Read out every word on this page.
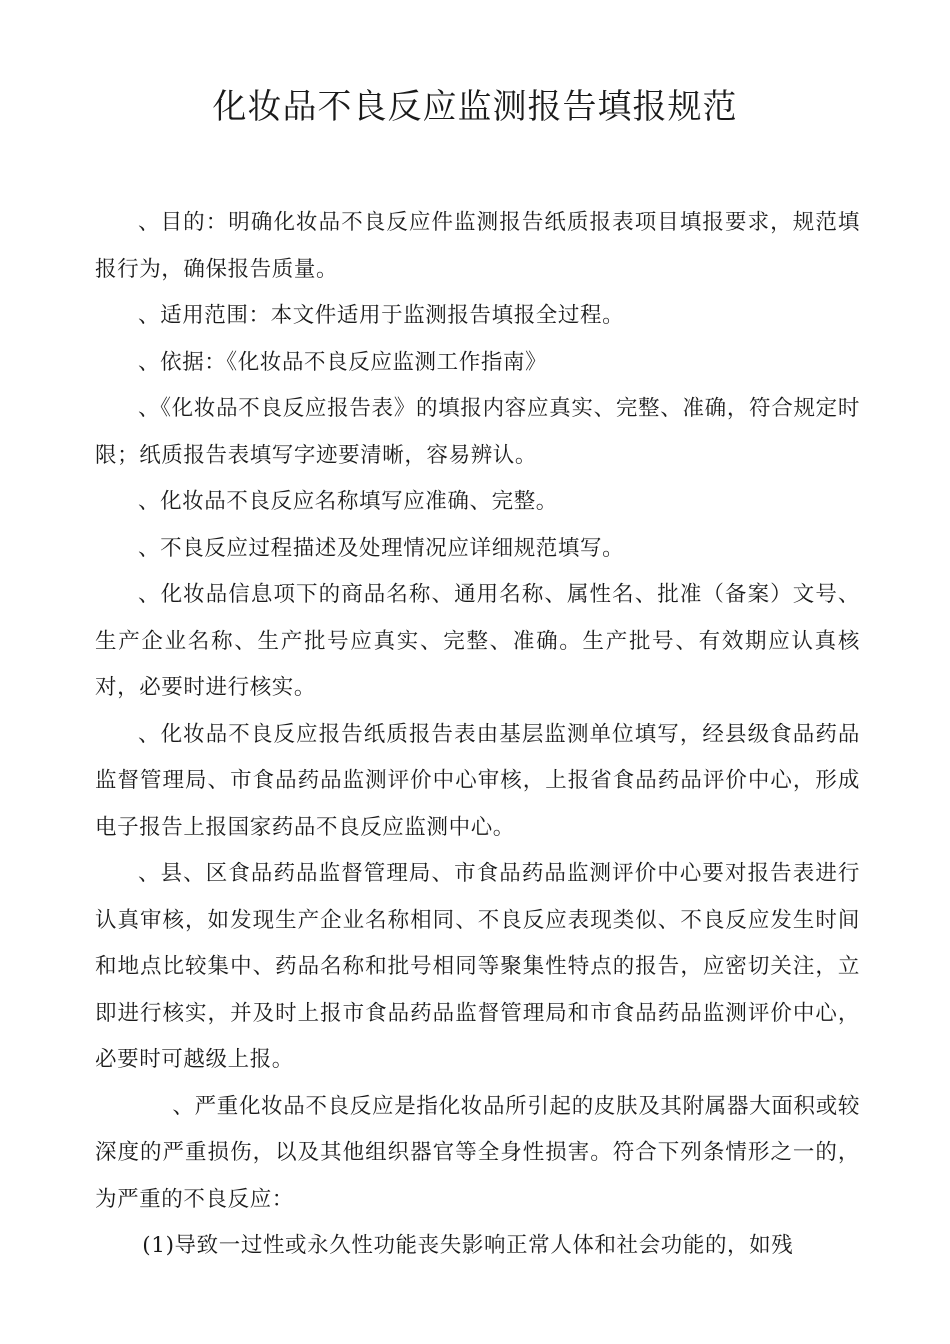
化妆品不良反应监测报告填报规范

、目的：明确化妆品不良反应件监测报告纸质报表项目填报要求，规范填报行为，确保报告质量。

、适用范围：本文件适用于监测报告填报全过程。

、依据：《化妆品不良反应监测工作指南》

、《化妆品不良反应报告表》的填报内容应真实、完整、准确，符合规定时限；纸质报告表填写字迹要清晰，容易辨认。

、化妆品不良反应名称填写应准确、完整。

、不良反应过程描述及处理情况应详细规范填写。

、化妆品信息项下的商品名称、通用名称、属性名、批准（备案）文号、生产企业名称、生产批号应真实、完整、准确。生产批号、有效期应认真核对，必要时进行核实。

、化妆品不良反应报告纸质报告表由基层监测单位填写，经县级食品药品监督管理局、市食品药品监测评价中心审核，上报省食品药品评价中心，形成电子报告上报国家药品不良反应监测中心。

、县、区食品药品监督管理局、市食品药品监测评价中心要对报告表进行认真审核，如发现生产企业名称相同、不良反应表现类似、不良反应发生时间和地点比较集中、药品名称和批号相同等聚集性特点的报告，应密切关注，立即进行核实，并及时上报市食品药品监督管理局和市食品药品监测评价中心，必要时可越级上报。

、严重化妆品不良反应是指化妆品所引起的皮肤及其附属器大面积或较深度的严重损伤，以及其他组织器官等全身性损害。符合下列条情形之一的，为严重的不良反应：

(1)导致一过性或永久性功能丧失影响正常人体和社会功能的，如残
